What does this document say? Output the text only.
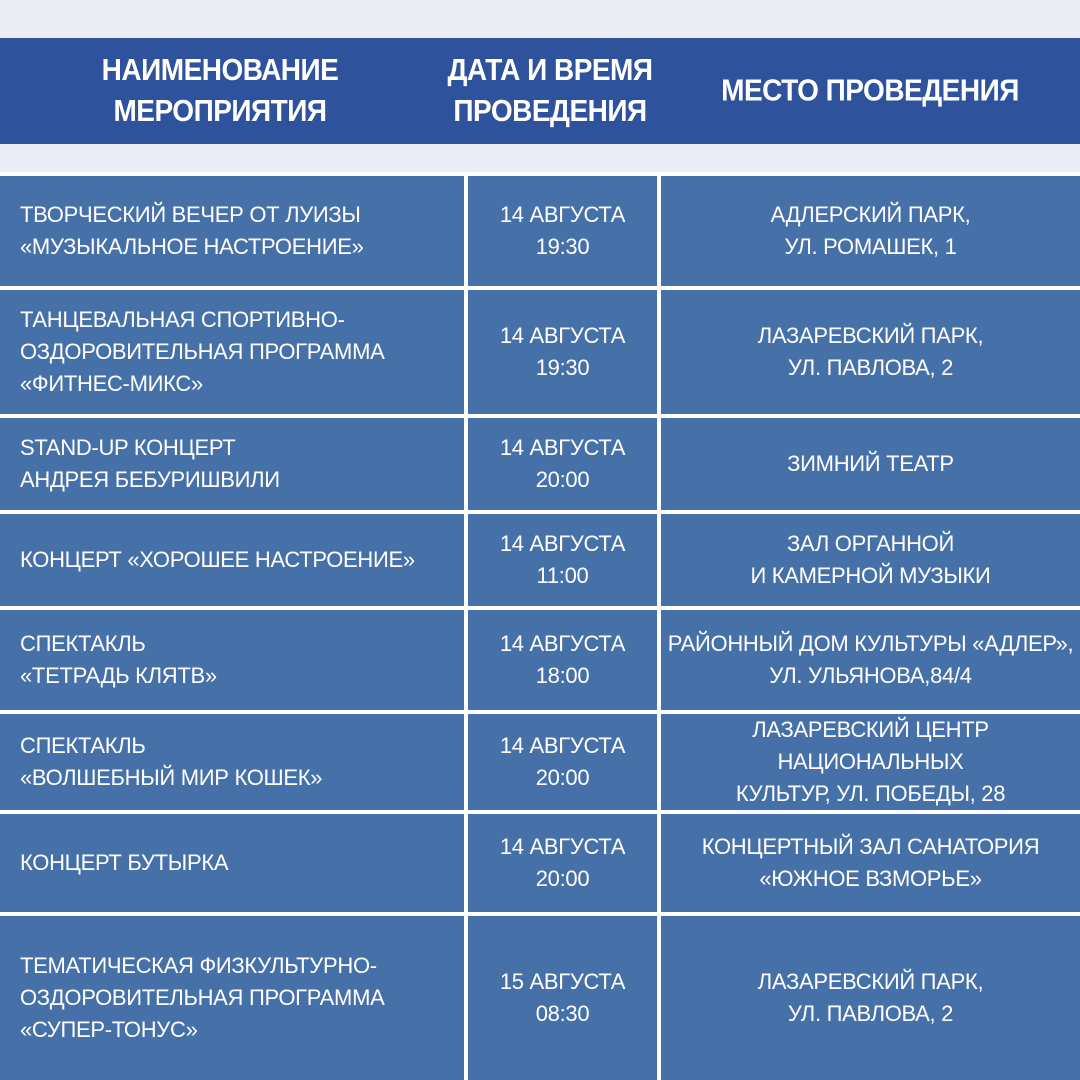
НАИМЕНОВАНИЕ
МЕРОПРИЯТИЯ
ДАТА И ВРЕМЯ
ПРОВЕДЕНИЯ
МЕСТО ПРОВЕДЕНИЯ
ТВОРЧЕСКИЙ ВЕЧЕР ОТ ЛУИЗЫ
«МУЗЫКАЛЬНОЕ НАСТРОЕНИЕ»
14 АВГУСТА
19:30
АДЛЕРСКИЙ ПАРК,
УЛ. РОМАШЕК, 1
ТАНЦЕВАЛЬНАЯ СПОРТИВНО-
ОЗДОРОВИТЕЛЬНАЯ ПРОГРАММА
«ФИТНЕС-МИКС»
14 АВГУСТА
19:30
ЛАЗАРЕВСКИЙ ПАРК,
УЛ. ПАВЛОВА, 2
STAND-UP КОНЦЕРТ
АНДРЕЯ БЕБУРИШВИЛИ
14 АВГУСТА
20:00
ЗИМНИЙ ТЕАТР
КОНЦЕРТ «ХОРОШЕЕ НАСТРОЕНИЕ»
14 АВГУСТА
11:00
ЗАЛ ОРГАННОЙ
И КАМЕРНОЙ МУЗЫКИ
СПЕКТАКЛЬ
«ТЕТРАДЬ КЛЯТВ»
14 АВГУСТА
18:00
РАЙОННЫЙ ДОМ КУЛЬТУРЫ «АДЛЕР»,
УЛ. УЛЬЯНОВА,84/4
СПЕКТАКЛЬ
«ВОЛШЕБНЫЙ МИР КОШЕК»
14 АВГУСТА
20:00
ЛАЗАРЕВСКИЙ ЦЕНТР НАЦИОНАЛЬНЫХ
КУЛЬТУР, УЛ. ПОБЕДЫ, 28
КОНЦЕРТ БУТЫРКА
14 АВГУСТА
20:00
КОНЦЕРТНЫЙ ЗАЛ САНАТОРИЯ
«ЮЖНОЕ ВЗМОРЬЕ»
ТЕМАТИЧЕСКАЯ ФИЗКУЛЬТУРНО-
ОЗДОРОВИТЕЛЬНАЯ ПРОГРАММА
«СУПЕР-ТОНУС»
15 АВГУСТА
08:30
ЛАЗАРЕВСКИЙ ПАРК,
УЛ. ПАВЛОВА, 2
